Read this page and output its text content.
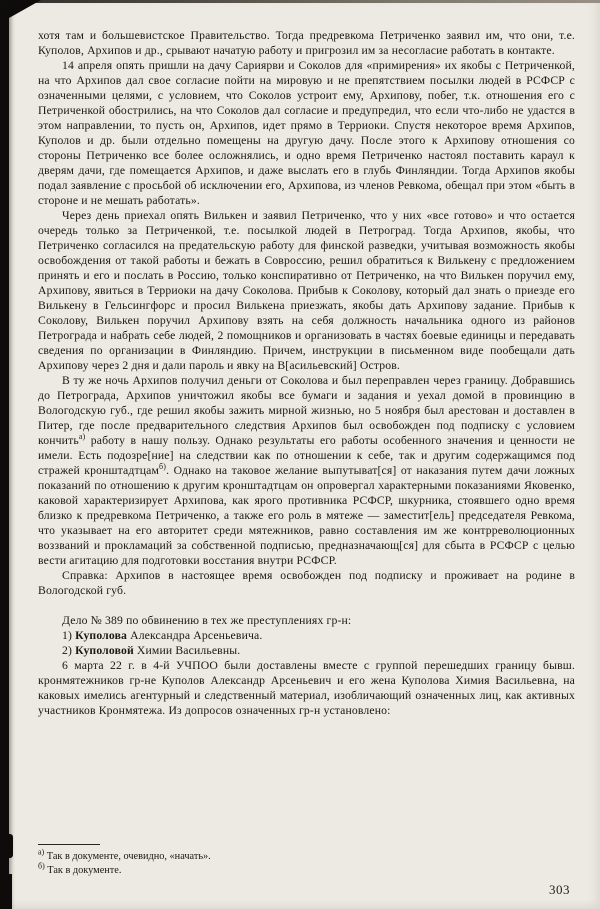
хотя там и большевистское Правительство. Тогда предревкома Петриченко заявил им, что они, т.е. Куполов, Архипов и др., срывают начатую работу и пригрозил им за несогласие работать в контакте.

14 апреля опять пришли на дачу Сариярви и Соколов для «примирения» их якобы с Петриченкой, на что Архипов дал свое согласие пойти на мировую и не препятствием посылки людей в РСФСР с означенными целями, с условием, что Соколов устроит ему, Архипову, побег, т.к. отношения его с Петриченкой обострились, на что Соколов дал согласие и предупредил, что если что-либо не удастся в этом направлении, то пусть он, Архипов, идет прямо в Терриоки. Спустя некоторое время Архипов, Куполов и др. были отдельно помещены на другую дачу. После этого к Архипову отношения со стороны Петриченко все более осложнялись, и одно время Петриченко настоял поставить караул к дверям дачи, где помещается Архипов, и даже выслать его в глубь Финляндии. Тогда Архипов якобы подал заявление с просьбой об исключении его, Архипова, из членов Ревкома, обещал при этом «быть в стороне и не мешать работать».

Через день приехал опять Вилькен и заявил Петриченко, что у них «все готово» и что остается очередь только за Петриченкой, т.е. посылкой людей в Петроград. Тогда Архипов, якобы, что Петриченко согласился на предательскую работу для финской разведки, учитывая возможность якобы освобождения от такой работы и бежать в Совроссию, решил обратиться к Вилькену с предложением принять и его и послать в Россию, только конспиративно от Петриченко, на что Вилькен поручил ему, Архипову, явиться в Терриоки на дачу Соколова. Прибыв к Соколову, который дал знать о приезде его Вилькену в Гельсингфорс и просил Вилькена приезжать, якобы дать Архипову задание. Прибыв к Соколову, Вилькен поручил Архипову взять на себя должность начальника одного из районов Петрограда и набрать себе людей, 2 помощников и организовать в частях боевые единицы и передавать сведения по организации в Финляндию. Причем, инструкции в письменном виде пообещали дать Архипову через 2 дня и дали пароль и явку на В[асильевский] Остров.

В ту же ночь Архипов получил деньги от Соколова и был переправлен через границу. Добравшись до Петрограда, Архипов уничтожил якобы все бумаги и задания и уехал домой в провинцию в Вологодскую губ., где решил якобы зажить мирной жизнью, но 5 ноября был арестован и доставлен в Питер, где после предварительного следствия Архипов был освобожден под подписку с условием кончить$^{а)}$ работу в нашу пользу. Однако результаты его работы особенного значения и ценности не имели. Есть подозре[ние] на следствии как по отношении к себе, так и другим содержащимся под стражей кронштадтцам$^{б)}$. Однако на таковое желание выпутыват[ся] от наказания путем дачи ложных показаний по отношению к другим кронштадтцам он опровергал характерными показаниями Яковенко, каковой характеризирует Архипова, как ярого противника РСФСР, шкурника, стоявшего одно время близко к предревкома Петриченко, а также его роль в мятеже — заместит[ель] председателя Ревкома, что указывает на его авторитет среди мятежников, равно составления им же контрреволюционных воззваний и прокламаций за собственной подписью, предназначающ[ся] для сбыта в РСФСР с целью вести агитацию для подготовки восстания внутри РСФСР.

Справка: Архипов в настоящее время освобожден под подписку и проживает на родине в Вологодской губ.

Дело № 389 по обвинению в тех же преступлениях гр-н:

1) Куполова Александра Арсеньевича.

2) Куполовой Химии Васильевны.

6 марта 22 г. в 4-й УЧПОО были доставлены вместе с группой перешедших границу бывш. кронмятежников гр-не Куполов Александр Арсеньевич и его жена Куполова Химия Васильевна, на каковых имелись агентурный и следственный материал, изобличающий означенных лиц, как активных участников Кронмятежа. Из допросов означенных гр-н установлено:

$^{а)}$ Так в документе, очевидно, «начать».

$^{б)}$ Так в документе.

303
